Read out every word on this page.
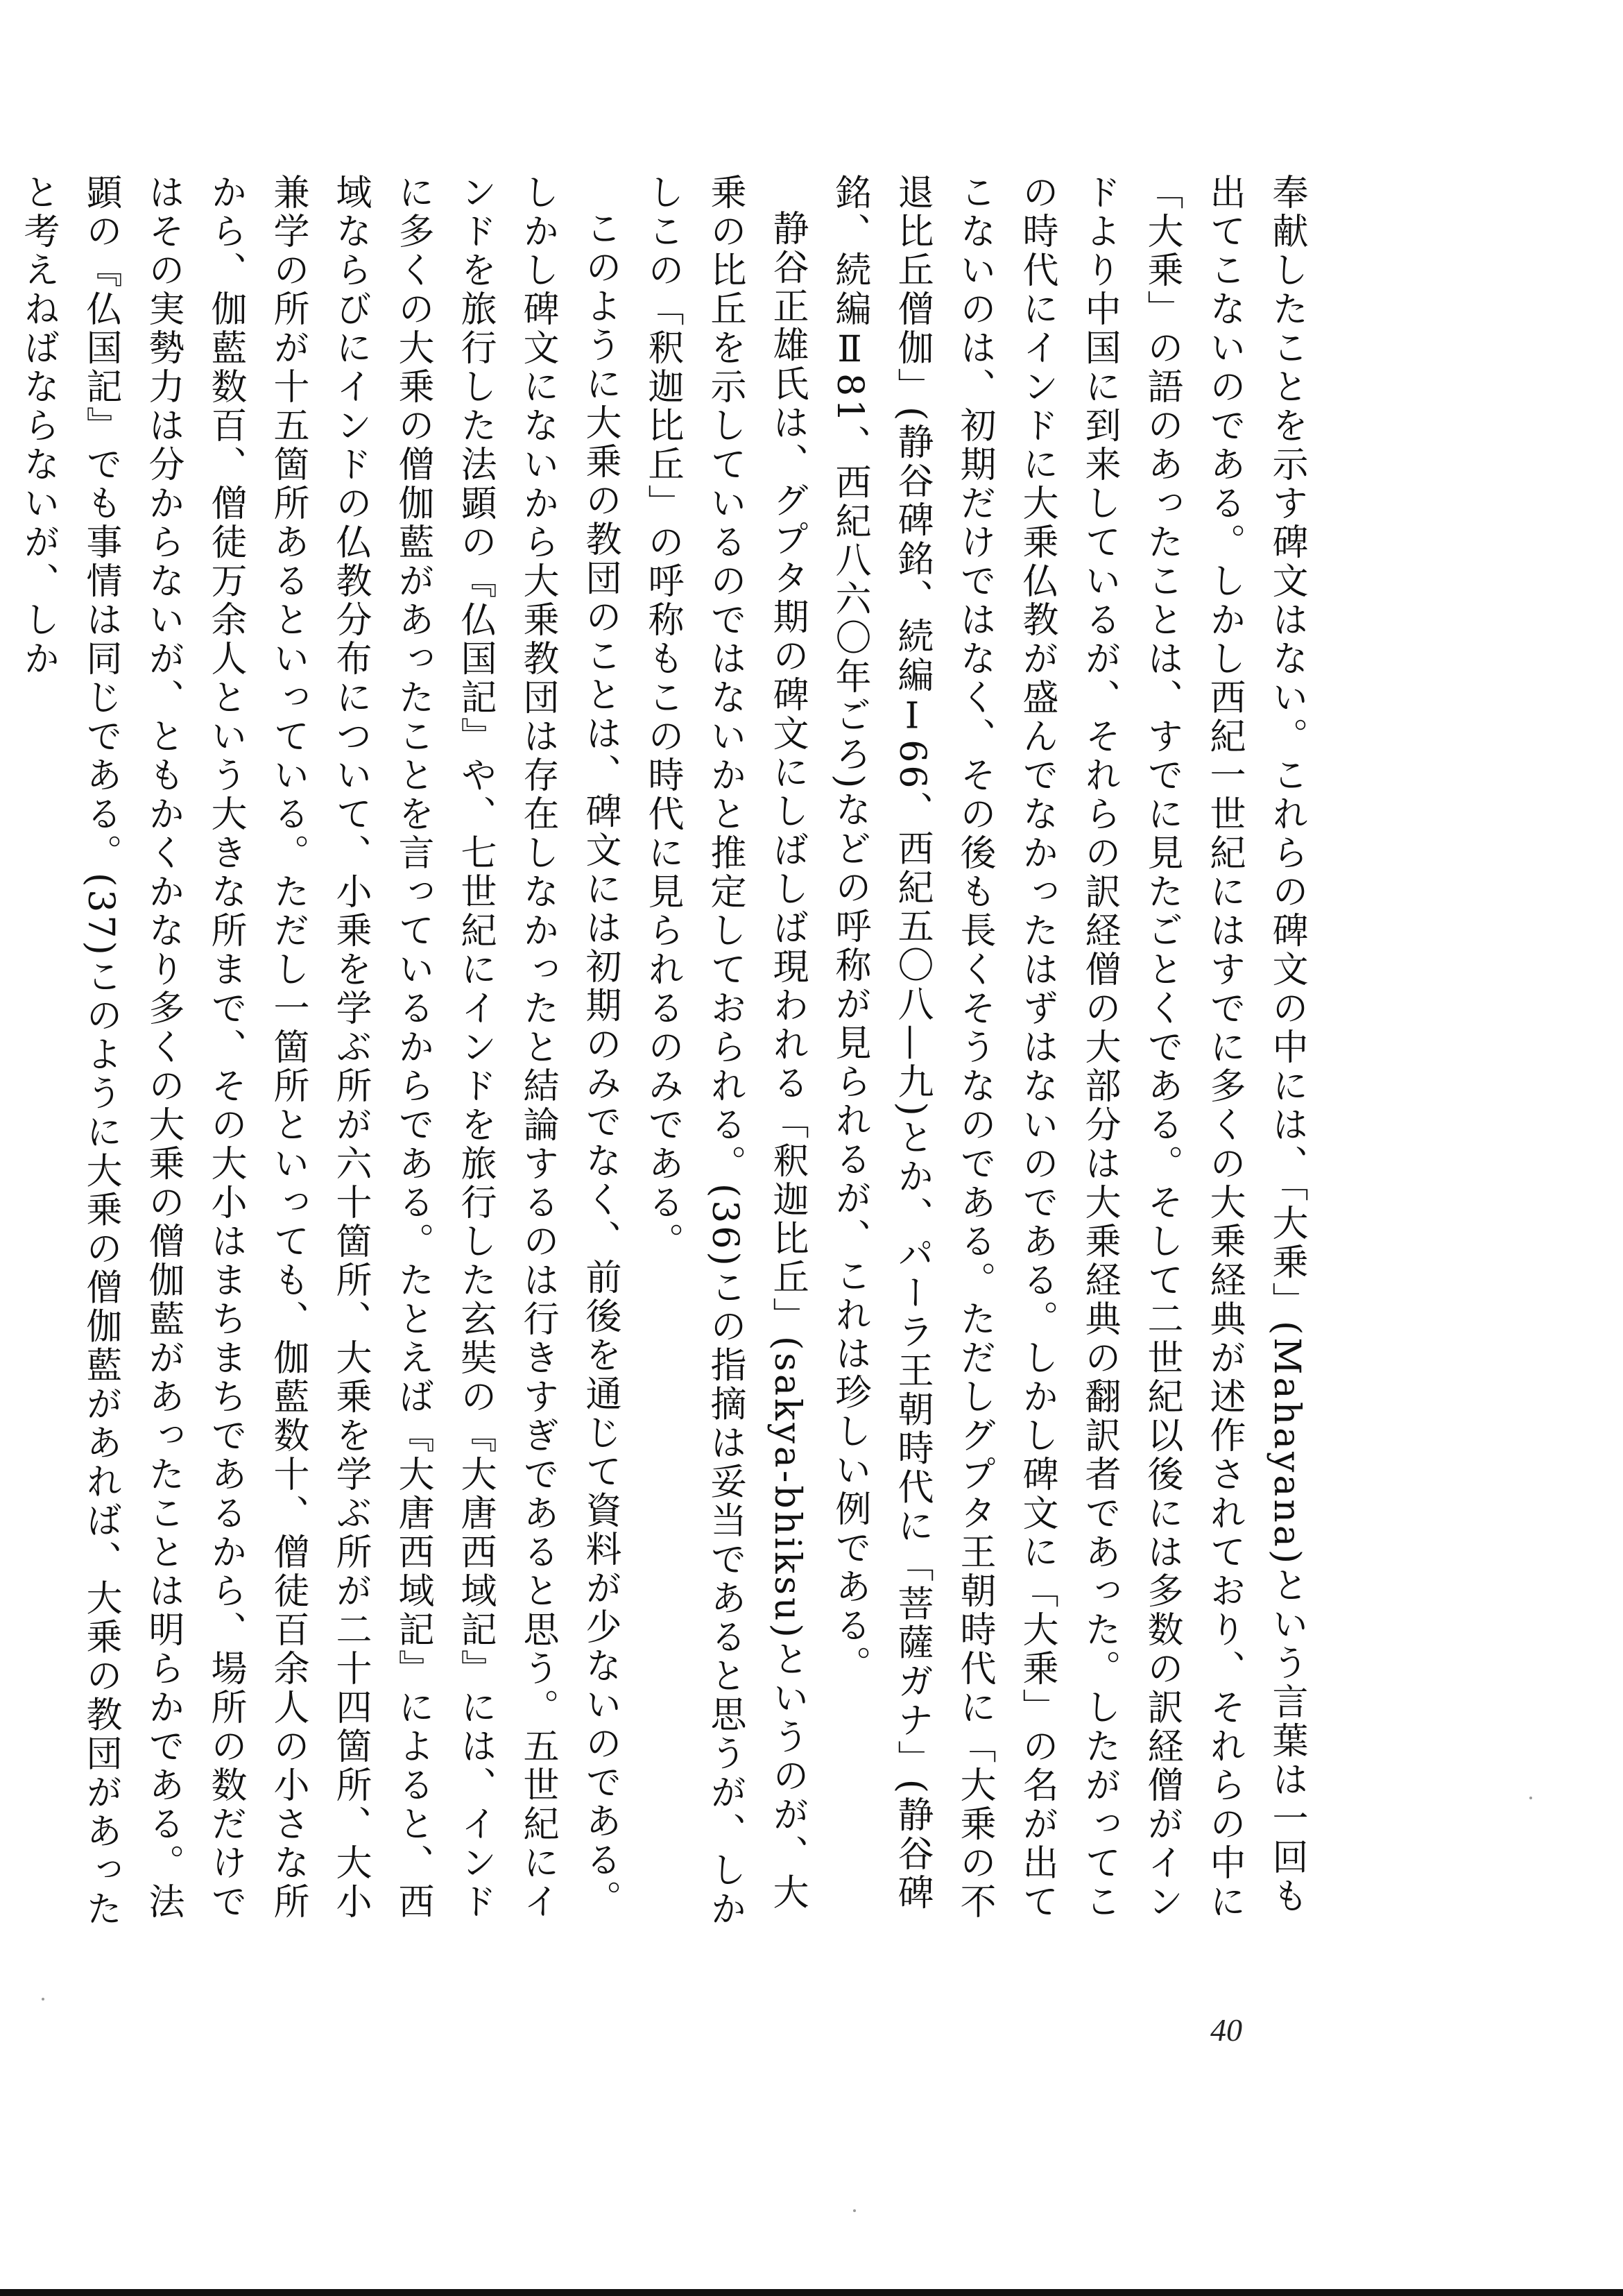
奉献したことを示す碑文はない。これらの碑文の中には、「大乗」(Mahayana)という言葉は一回も出てこないのである。しかし西紀一世紀にはすでに多くの大乗経典が述作されており、それらの中に「大乗」の語のあったことは、すでに見たごとくである。そして二世紀以後には多数の訳経僧がインドより中国に到来しているが、それらの訳経僧の大部分は大乗経典の翻訳者であった。したがってこの時代にインドに大乗仏教が盛んでなかったはずはないのである。しかし碑文に「大乗」の名が出てこないのは、初期だけではなく、その後も長くそうなのである。ただしグプタ王朝時代に「大乗の不退比丘僧伽」(静谷碑銘、続編Ⅰ66、西紀五〇八—九)とか、パーラ王朝時代に「菩薩ガナ」(静谷碑銘、続編Ⅱ81、西紀八六〇年ごろ)などの呼称が見られるが、これは珍しい例である。

静谷正雄氏は、グプタ期の碑文にしばしば現われる「釈迦比丘」(sakya-bhiksu)というのが、大乗の比丘を示しているのではないかと推定しておられる。(36)この指摘は妥当であると思うが、しかしこの「釈迦比丘」の呼称もこの時代に見られるのみである。

このように大乗の教団のことは、碑文には初期のみでなく、前後を通じて資料が少ないのである。しかし碑文にないから大乗教団は存在しなかったと結論するのは行きすぎであると思う。五世紀にインドを旅行した法顕の『仏国記』や、七世紀にインドを旅行した玄奘の『大唐西域記』には、インドに多くの大乗の僧伽藍があったことを言っているからである。たとえば『大唐西域記』によると、西域ならびにインドの仏教分布について、小乗を学ぶ所が六十箇所、大乗を学ぶ所が二十四箇所、大小兼学の所が十五箇所あるといっている。ただし一箇所といっても、伽藍数十、僧徒百余人の小さな所から、伽藍数百、僧徒万余人という大きな所まで、その大小はまちまちであるから、場所の数だけではその実勢力は分からないが、ともかくかなり多くの大乗の僧伽藍があったことは明らかである。法顕の『仏国記』でも事情は同じである。(37)このように大乗の僧伽藍があれば、大乗の教団があったと考えねばならないが、しか

40
